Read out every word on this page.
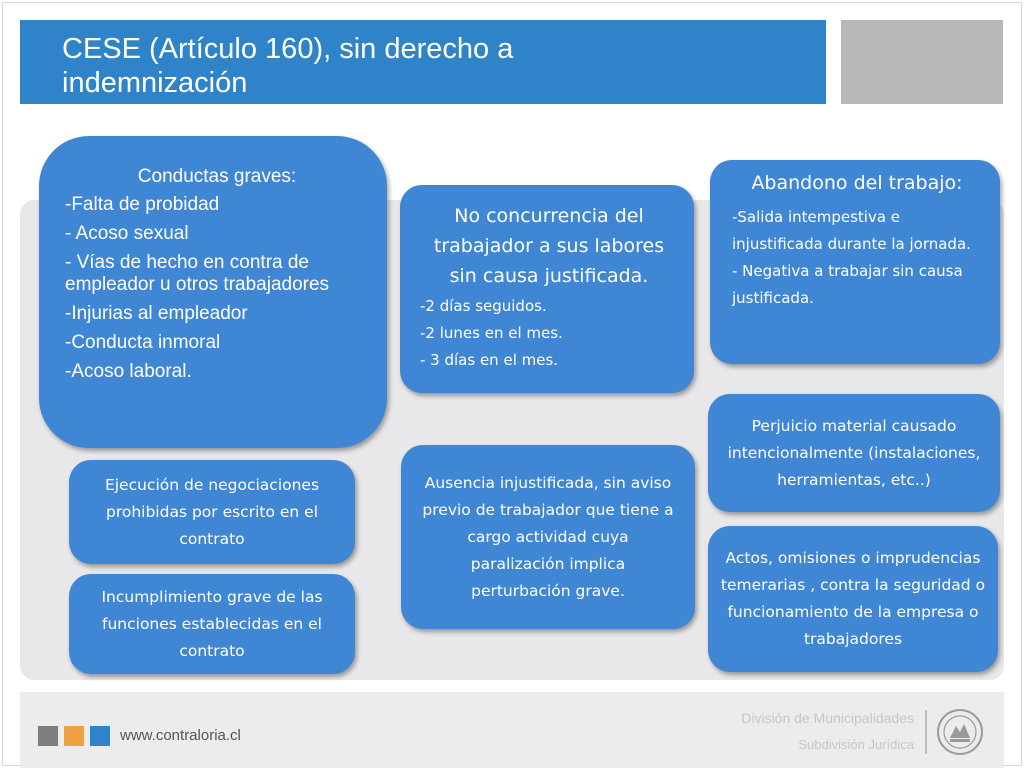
CESE (Artículo 160), sin derecho a
indemnización
Conductas graves:
-Falta de probidad
- Acoso sexual
- Vías de hecho en contra de empleador u otros trabajadores
-Injurias al empleador
-Conducta inmoral
-Acoso laboral.
No concurrencia del trabajador a sus labores sin causa justificada.
-2 días seguidos.
-2 lunes en el mes.
- 3 días en el mes.
Abandono del trabajo:
-Salida intempestiva e injustificada durante la jornada.
- Negativa a trabajar sin causa justificada.
Ejecución de negociaciones prohibidas por escrito en el contrato
Incumplimiento grave de las funciones establecidas en el contrato
Ausencia injustificada, sin aviso previo de trabajador que tiene a cargo actividad cuya paralización implica perturbación grave.
Perjuicio material causado intencionalmente (instalaciones, herramientas, etc..)
Actos, omisiones o imprudencias temerarias , contra la seguridad o funcionamiento de la empresa o trabajadores
www.contraloria.cl
División de Municipalidades
Subdivisión Jurídica
